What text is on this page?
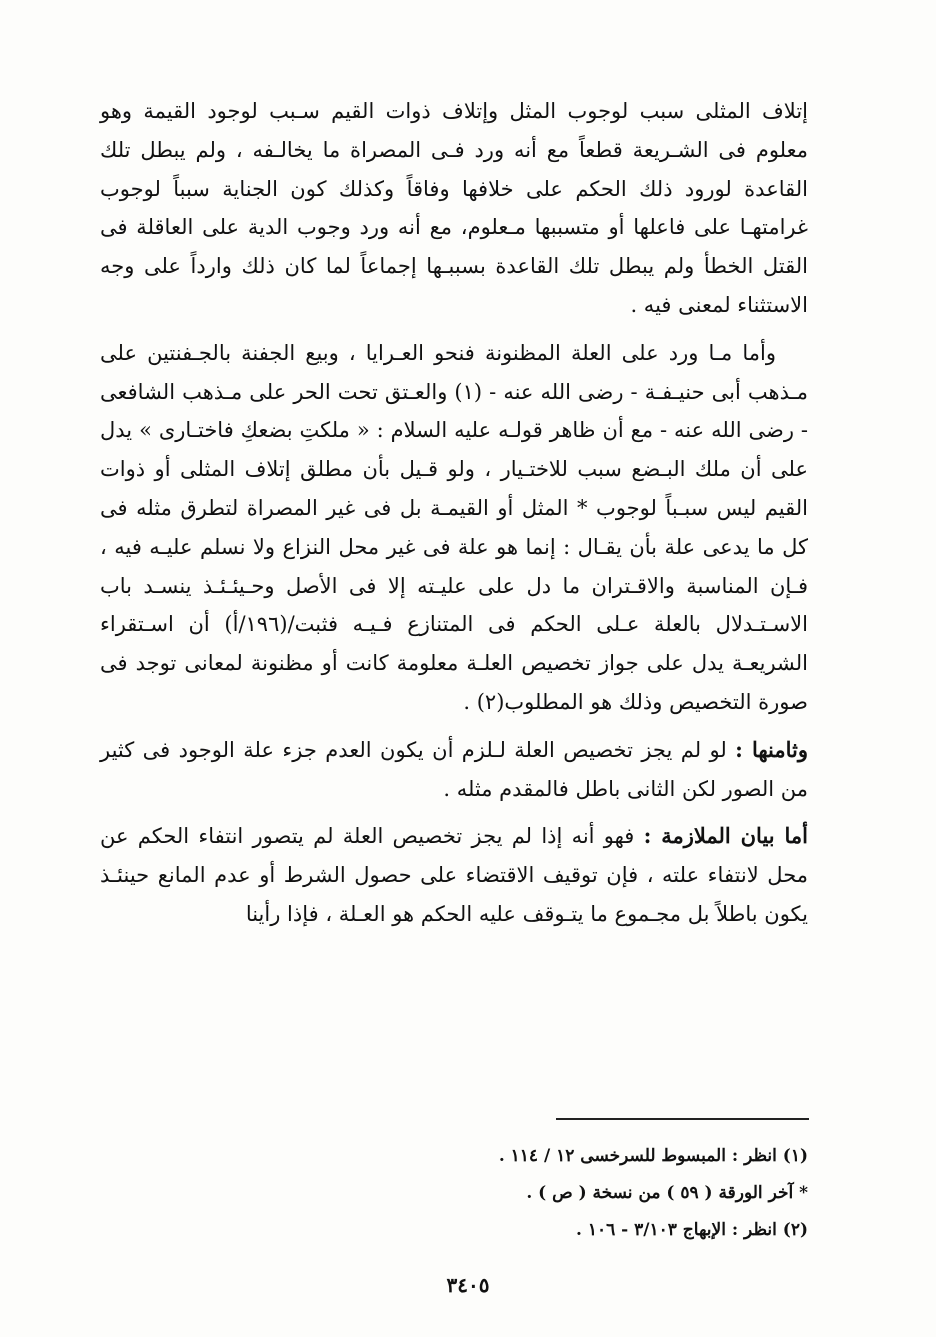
إتلاف المثلى سبب لوجوب المثل وإتلاف ذوات القيم سـبب لوجود القيمة وهو معلوم فى الشـريعة قطعاً مع أنه ورد فـى المصراة ما يخالـفه ، ولم يبطل تلك القاعدة لورود ذلك الحكم على خلافها وفاقاً وكذلك كون الجناية سبباً لوجوب غرامتهـا على فاعلها أو متسببها مـعلوم، مع أنه ورد وجوب الدية على العاقلة فى القتل الخطأ ولم يبطل تلك القاعدة بسببـها إجماعاً لما كان ذلك وارداً على وجه الاستثناء لمعنى فيه .

وأما مـا ورد على العلة المظنونة فنحو العـرايا ، وبيع الجفنة بالجـفنتين على مـذهب أبى حنيـفـة - رضى الله عنه - (١) والعـتق تحت الحر على مـذهب الشافعى - رضى الله عنه - مع أن ظاهر قولـه عليه السلام : « ملكتِ بضعكِ فاختـارى » يدل على أن ملك البـضع سبب للاختـيار ، ولو قـيل بأن مطلق إتلاف المثلى أو ذوات القيم ليس سبـباً لوجوب * المثل أو القيمـة بل فى غير المصراة لتطرق مثله فى كل ما يدعى علة بأن يقـال : إنما هو علة فى غير محل النزاع ولا نسلم عليـه فيه ، فـإن المناسبة والاقـتران ما دل على عليـته إلا فى الأصل وحـيئـئـذ ينسـد باب الاسـتـدلال بالعلة عـلى الحكم فى المتنازع فـيـه فثبت/(١٩٦/أ) أن اسـتقراء الشريعـة يدل على جواز تخصيص العلـة معلومة كانت أو مظنونة لمعانى توجد فى صورة التخصيص وذلك هو المطلوب(٢) .

وثامنها : لو لم يجز تخصيص العلة لـلزم أن يكون العدم جزء علة الوجود فى كثير من الصور لكن الثانى باطل فالمقدم مثله .

أما بيان الملازمة : فهو أنه إذا لم يجز تخصيص العلة لم يتصور انتفاء الحكم عن محل لانتفاء علته ، فإن توقيف الاقتضاء على حصول الشرط أو عدم المانع حينئـذ يكون باطلاً بل مجـموع ما يتـوقف عليه الحكم هو العـلة ، فإذا رأينا

(١) انظر : المبسوط للسرخسى ١٢ / ١١٤ .

* آخر الورقة ( ٥٩ ) من نسخة ( ص ) .

(٢) انظر : الإبهاج ٣/١٠٣ - ١٠٦ .

٣٤٠٥
